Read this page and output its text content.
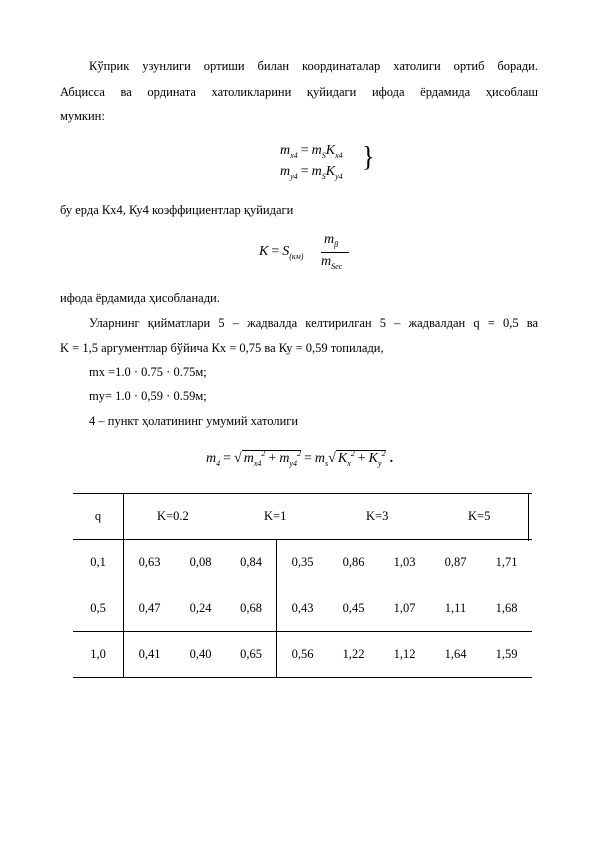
Кўприк узунлиги ортиши билан координаталар хатолиги ортиб боради.
Абцисса ва ордината хатоликларини қуйидаги ифода ёрдамида ҳисоблаш
мумкин:
$m_{x4} = m_SK_{x4}$
$m_{y4} = m_SK_{y4}$
}
бу ерда Кх4, Ку4 коэффициентлар қуйидаги
$K = S_{(км)}$
$m_\beta$
$m_{Sec}$
ифода ёрдамида ҳисобланади.
Уларнинг қийматлари 5 – жадвалда келтирилган 5 – жадвалдан q = 0,5 ва
K = 1,5 аргументлар бўйича Кх = 0,75 ва Ку = 0,59 топилади,
mx =1.0 · 0.75 · 0.75м;
my= 1.0 · 0,59 · 0.59м;
4 – пункт ҳолатининг умумий хатолиги
$m_4$ = √ $m_{x4}^2 + m_{y4}^2 = m_s√$ $K_x^2 + K_y^2$ .
q	K=0.2		K=1		K=3		K=5	
0,1	0,63	0,08	0,84	0,35	0,86	1,03	0,87	1,71
0,5	0,47	0,24	0,68	0,43	0,45	1,07	1,11	1,68
1,0	0,41	0,40	0,65	0,56	1,22	1,12	1,64	1,59
